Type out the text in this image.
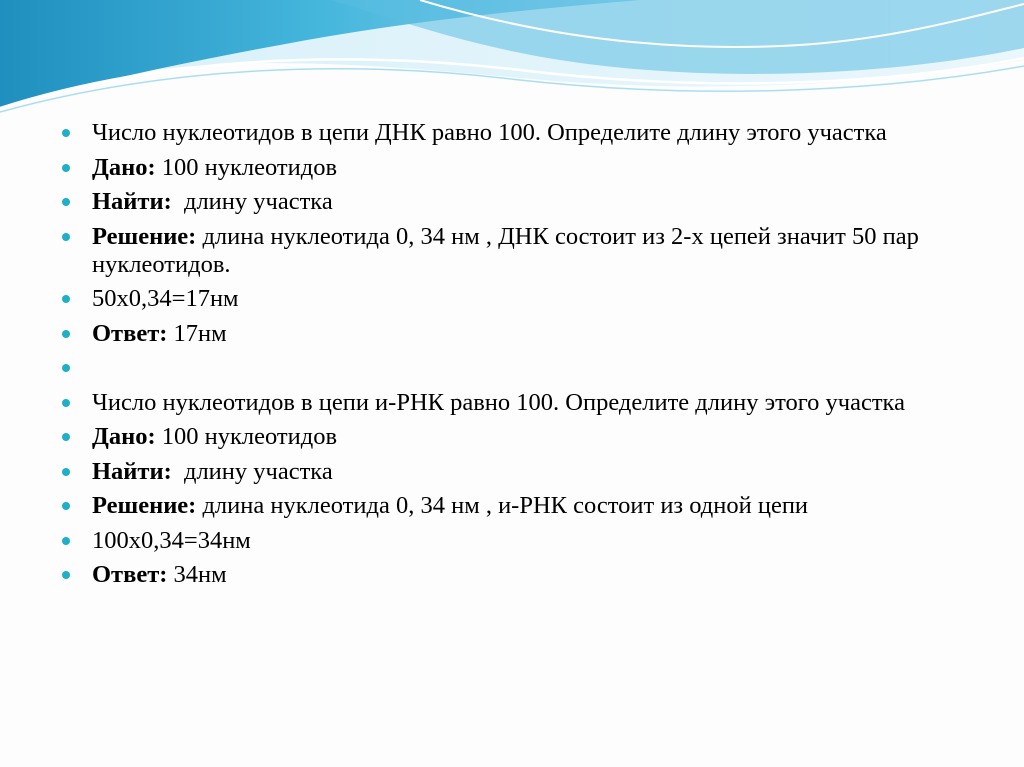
Число нуклеотидов в цепи ДНК равно 100. Определите длину этого участка
Дано: 100 нуклеотидов
Найти:  длину участка
Решение: длина нуклеотида 0, 34 нм , ДНК состоит из 2-х цепей значит 50 пар нуклеотидов.
50х0,34=17нм
Ответ: 17нм
Число нуклеотидов в цепи и-РНК равно 100. Определите длину этого участка
Дано: 100 нуклеотидов
Найти:  длину участка
Решение: длина нуклеотида 0, 34 нм , и-РНК состоит из одной цепи
100х0,34=34нм
Ответ: 34нм
